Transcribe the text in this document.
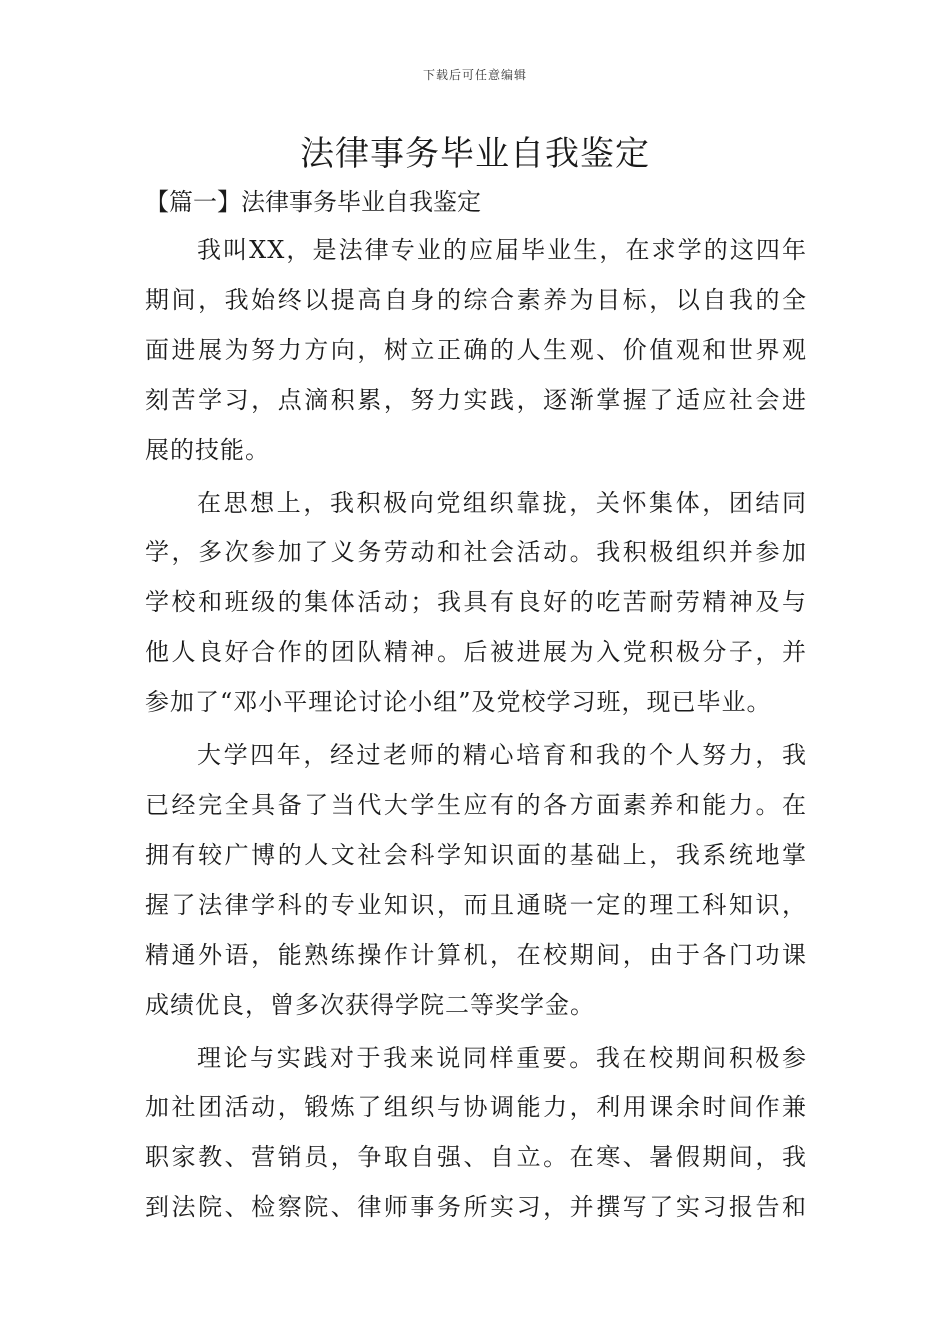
下载后可任意编辑
法律事务毕业自我鉴定
【篇一】法律事务毕业自我鉴定

我叫XX，是法律专业的应届毕业生，在求学的这四年
期间，我始终以提高自身的综合素养为目标，以自我的全
面进展为努力方向，树立正确的人生观、价值观和世界观
刻苦学习，点滴积累，努力实践，逐渐掌握了适应社会进
展的技能。

在思想上，我积极向党组织靠拢，关怀集体，团结同
学，多次参加了义务劳动和社会活动。我积极组织并参加
学校和班级的集体活动；我具有良好的吃苦耐劳精神及与
他人良好合作的团队精神。后被进展为入党积极分子，并
参加了“邓小平理论讨论小组”及党校学习班，现已毕业。

大学四年，经过老师的精心培育和我的个人努力，我
已经完全具备了当代大学生应有的各方面素养和能力。在
拥有较广博的人文社会科学知识面的基础上，我系统地掌
握了法律学科的专业知识，而且通晓一定的理工科知识，
精通外语，能熟练操作计算机，在校期间，由于各门功课
成绩优良，曾多次获得学院二等奖学金。

理论与实践对于我来说同样重要。我在校期间积极参
加社团活动，锻炼了组织与协调能力，利用课余时间作兼
职家教、营销员，争取自强、自立。在寒、暑假期间，我
到法院、检察院、律师事务所实习，并撰写了实习报告和
